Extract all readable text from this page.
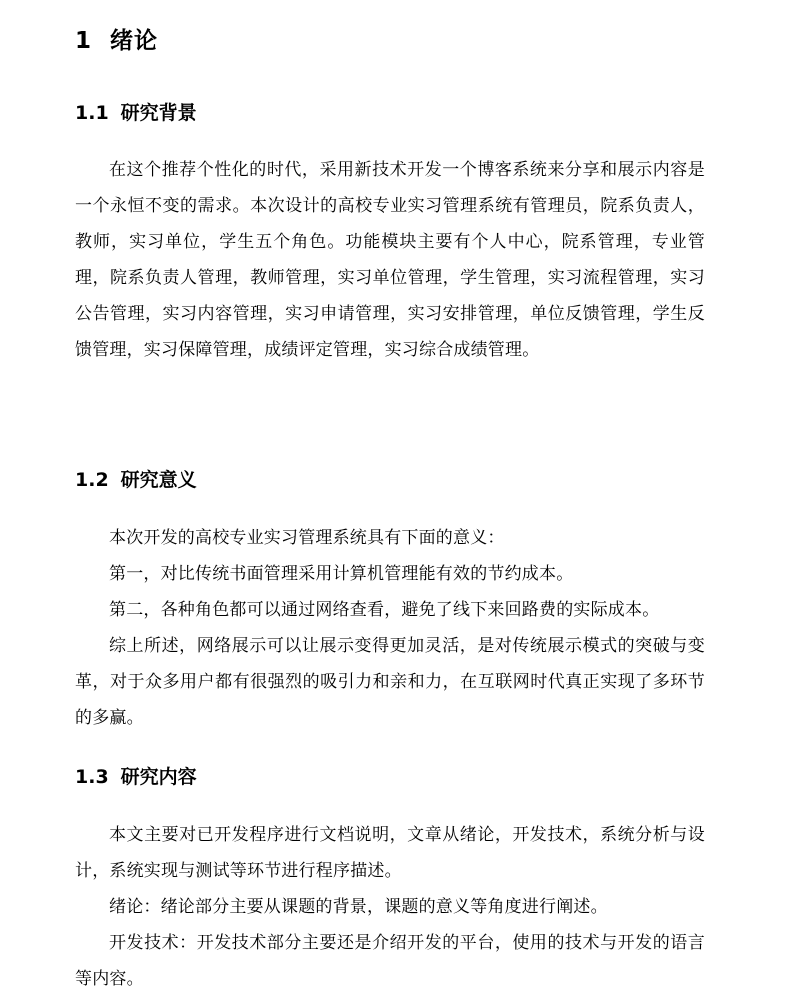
1 绪论
1.1 研究背景

在这个推荐个性化的时代，采用新技术开发一个博客系统来分享和展示内容是一个永恒不变的需求。本次设计的高校专业实习管理系统有管理员，院系负责人，教师，实习单位，学生五个角色。功能模块主要有个人中心，院系管理，专业管理，院系负责人管理，教师管理，实习单位管理，学生管理，实习流程管理，实习公告管理，实习内容管理，实习申请管理，实习安排管理，单位反馈管理，学生反馈管理，实习保障管理，成绩评定管理，实习综合成绩管理。

1.2 研究意义

本次开发的高校专业实习管理系统具有下面的意义：

第一，对比传统书面管理采用计算机管理能有效的节约成本。

第二，各种角色都可以通过网络查看，避免了线下来回路费的实际成本。

综上所述，网络展示可以让展示变得更加灵活，是对传统展示模式的突破与变革，对于众多用户都有很强烈的吸引力和亲和力，在互联网时代真正实现了多环节的多赢。

1.3 研究内容

本文主要对已开发程序进行文档说明，文章从绪论，开发技术，系统分析与设计，系统实现与测试等环节进行程序描述。

绪论：绪论部分主要从课题的背景，课题的意义等角度进行阐述。

开发技术：开发技术部分主要还是介绍开发的平台，使用的技术与开发的语言等内容。
